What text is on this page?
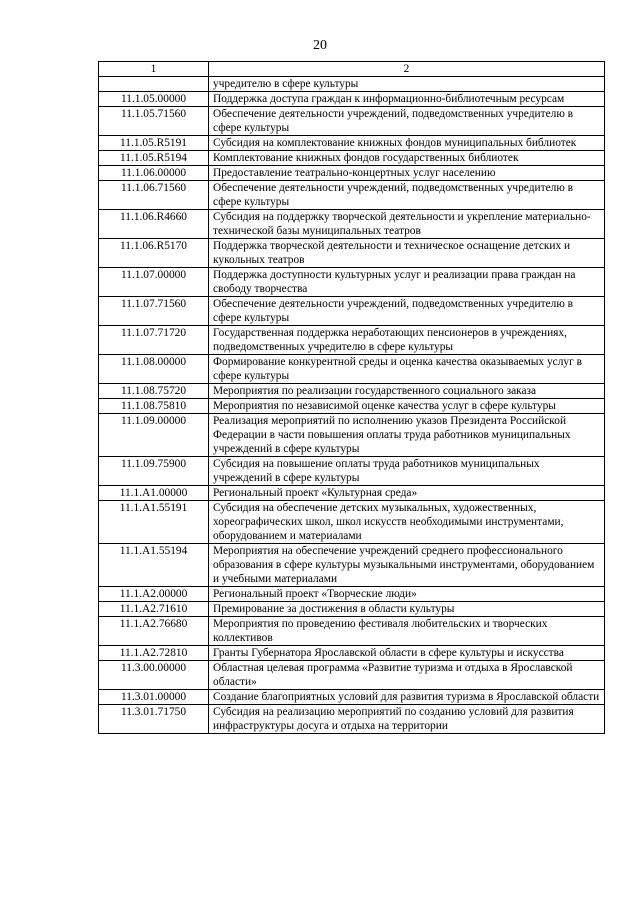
20
1	2
	учредителю в сфере культуры
11.1.05.00000	Поддержка доступа граждан к информационно-библиотечным ресурсам
11.1.05.71560	Обеспечение деятельности учреждений, подведомственных учредителю в сфере культуры
11.1.05.R5191	Субсидия на комплектование книжных фондов муниципальных библиотек
11.1.05.R5194	Комплектование книжных фондов государственных библиотек
11.1.06.00000	Предоставление театрально-концертных услуг населению
11.1.06.71560	Обеспечение деятельности учреждений, подведомственных учредителю в сфере культуры
11.1.06.R4660	Субсидия на поддержку творческой деятельности и укрепление материально-технической базы муниципальных театров
11.1.06.R5170	Поддержка творческой деятельности и техническое оснащение детских и кукольных театров
11.1.07.00000	Поддержка доступности культурных услуг и реализации права граждан на свободу творчества
11.1.07.71560	Обеспечение деятельности учреждений, подведомственных учредителю в сфере культуры
11.1.07.71720	Государственная поддержка неработающих пенсионеров в учреждениях, подведомственных учредителю в сфере культуры
11.1.08.00000	Формирование конкурентной среды и оценка качества оказываемых услуг в сфере культуры
11.1.08.75720	Мероприятия по реализации государственного социального заказа
11.1.08.75810	Мероприятия по независимой оценке качества услуг в сфере культуры
11.1.09.00000	Реализация мероприятий по исполнению указов Президента Российской Федерации в части повышения оплаты труда работников муниципальных учреждений в сфере культуры
11.1.09.75900	Субсидия на повышение оплаты труда работников муниципальных учреждений в сфере культуры
11.1.A1.00000	Региональный проект «Культурная среда»
11.1.A1.55191	Субсидия на обеспечение детских музыкальных, художественных, хореографических школ, школ искусств необходимыми инструментами, оборудованием и материалами
11.1.A1.55194	Мероприятия на обеспечение учреждений среднего профессионального образования в сфере культуры музыкальными инструментами, оборудованием и учебными материалами
11.1.A2.00000	Региональный проект «Творческие люди»
11.1.A2.71610	Премирование за достижения в области культуры
11.1.A2.76680	Мероприятия по проведению фестиваля любительских и творческих коллективов
11.1.A2.72810	Гранты Губернатора Ярославской области в сфере культуры и искусства
11.3.00.00000	Областная целевая программа «Развитие туризма и отдыха в Ярославской области»
11.3.01.00000	Создание благоприятных условий для развития туризма в Ярославской области
11.3.01.71750	Субсидия на реализацию мероприятий по созданию условий для развития инфраструктуры досуга и отдыха на территории
